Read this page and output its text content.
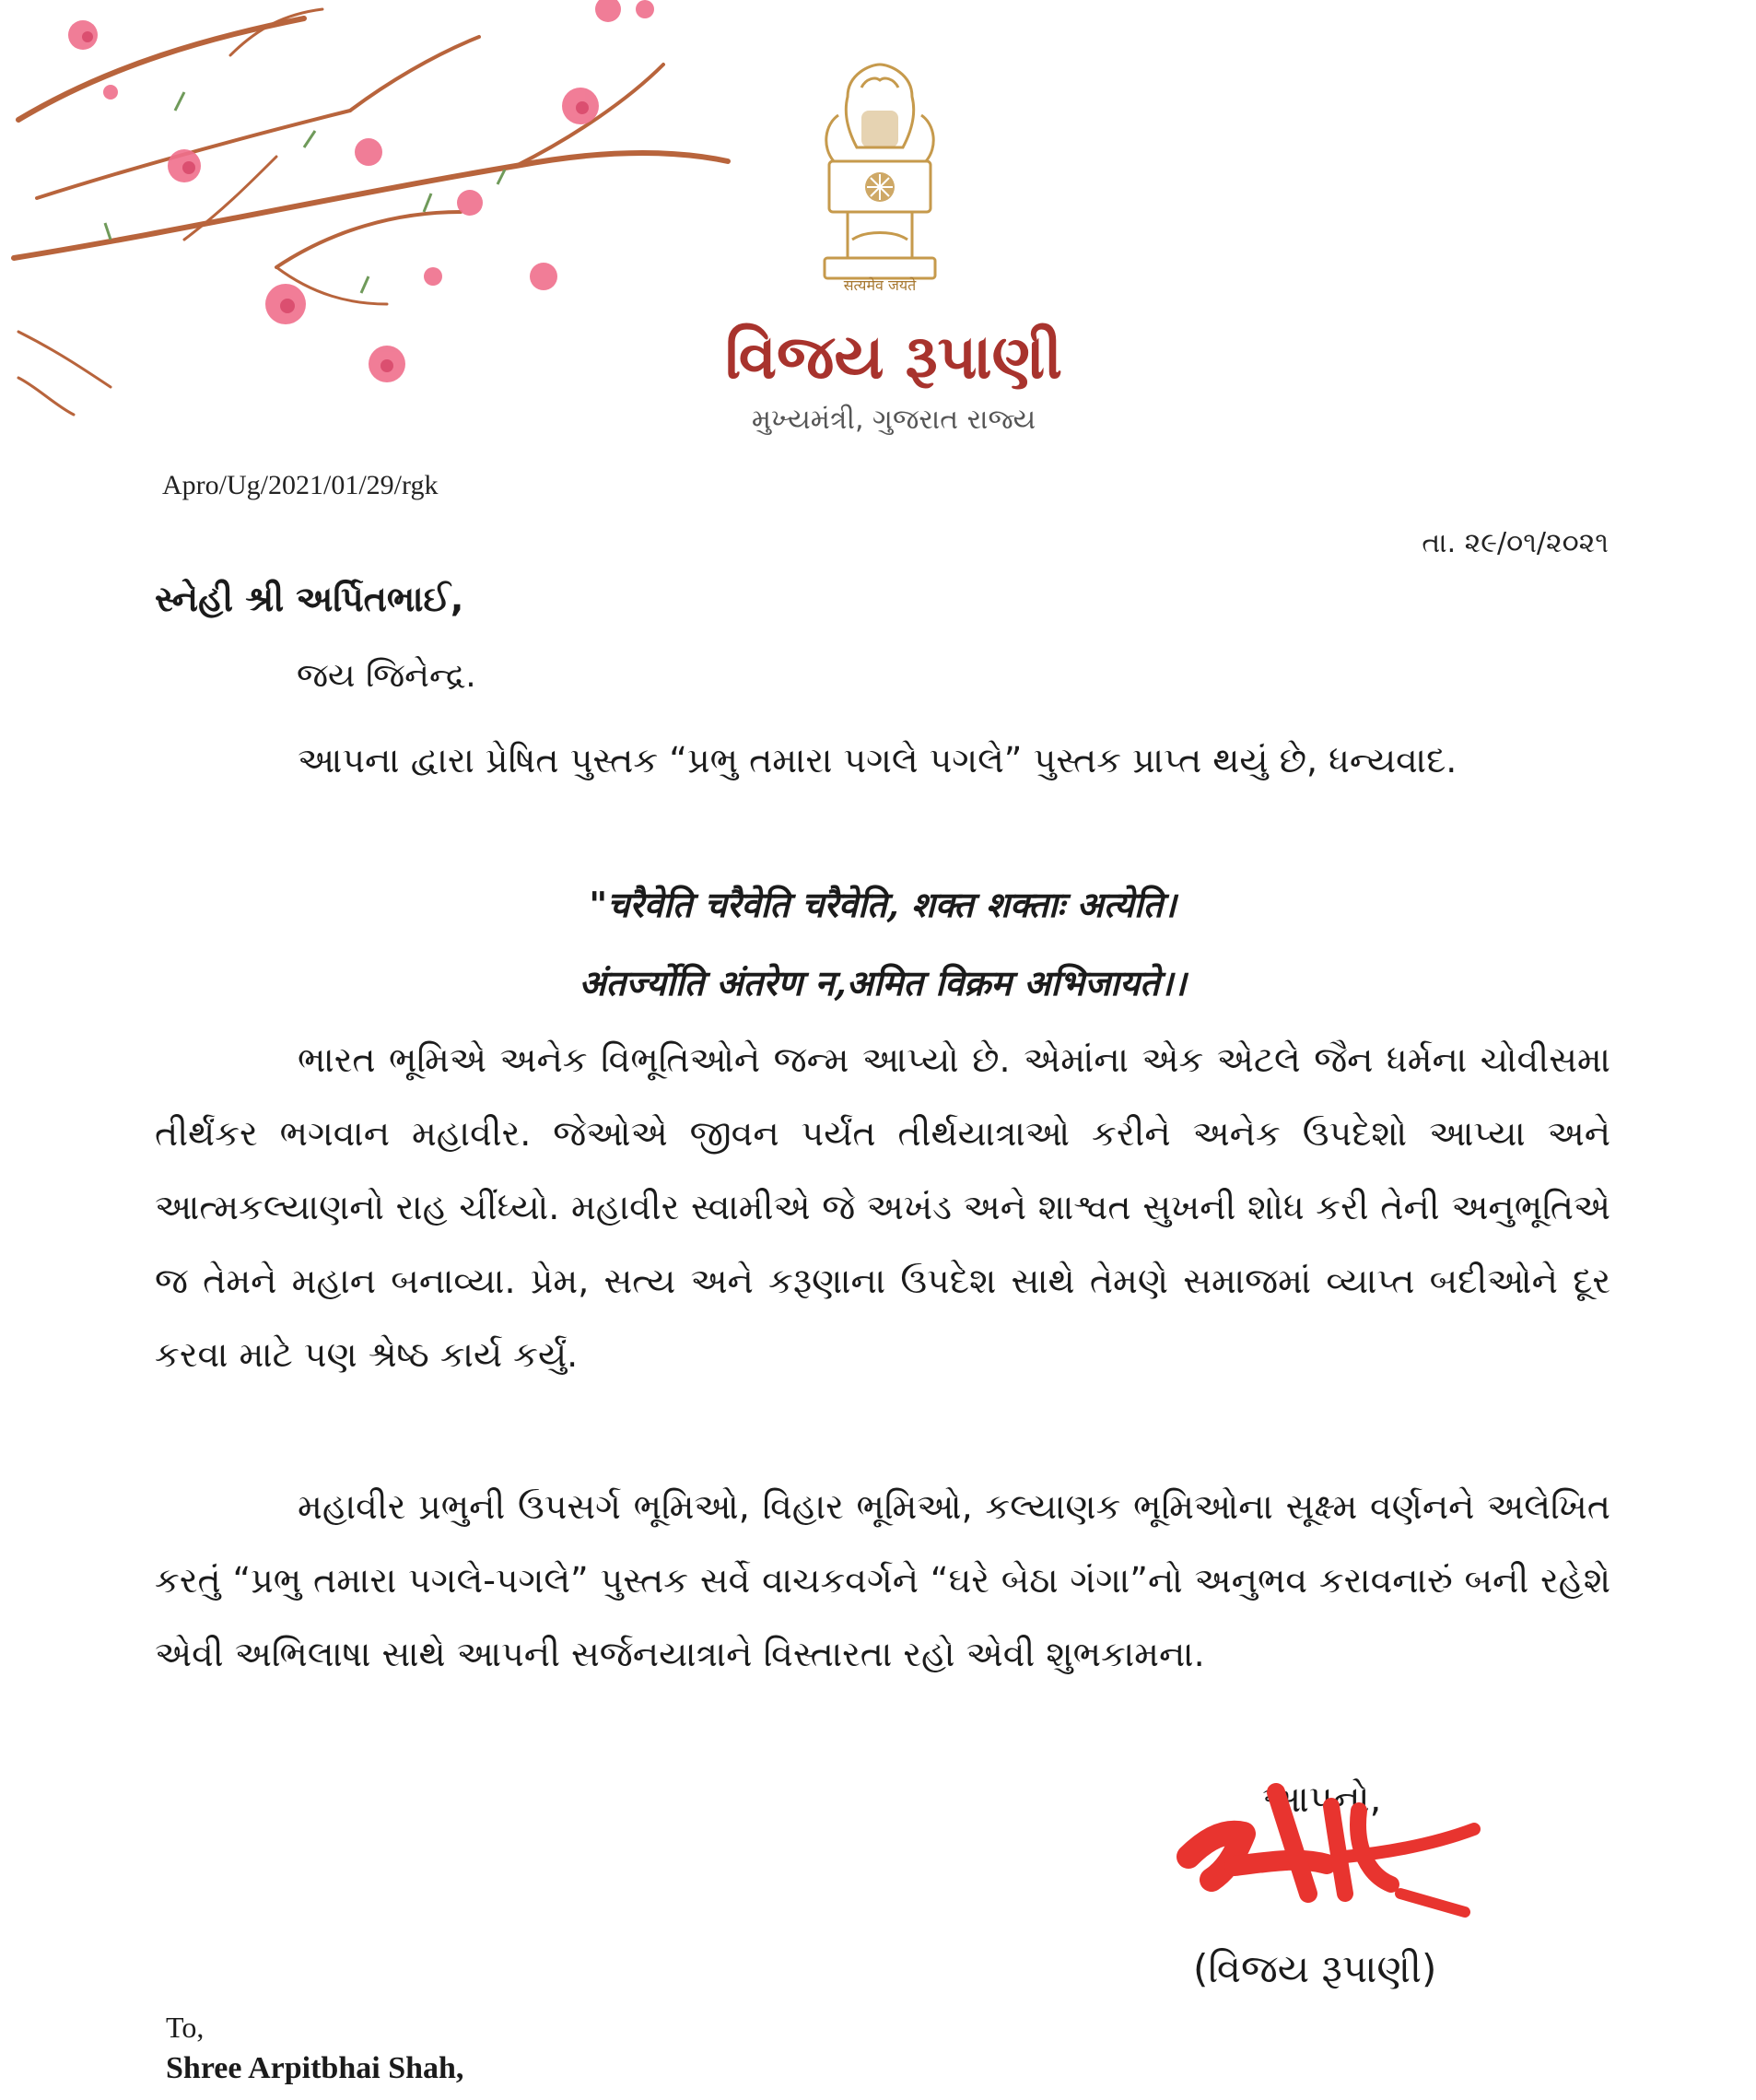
सत्यमेव जयते
વિજય રૂપાણી
મુખ્યમંત્રી, ગુજરાત રાજ્ય
Apro/Ug/2021/01/29/rgk
તા. ૨૯/૦૧/૨૦૨૧
સ્નેહી શ્રી અર્પિતભાઈ,
જય જિનેન્દ્ર.
આપના દ્વારા પ્રેષિત પુસ્તક “પ્રભુ તમારા પગલે પગલે” પુસ્તક પ્રાપ્ત થયું છે, ધન્યવાદ.
"चरैवेति चरैवेति चरैवेति, शक्त शक्ताः अत्येति।
अंतर्ज्योति अंतरेण न,अमित विक्रम अभिजायते।।
ભારત ભૂમિએ અનેક વિભૂતિઓને જન્મ આપ્યો છે. એમાંના એક એટલે જૈન ધર્મના ચોવીસમા તીર્થંકર ભગવાન મહાવીર. જેઓએ જીવન પર્યંત તીર્થયાત્રાઓ કરીને અનેક ઉપદેશો આપ્યા અને આત્મકલ્યાણનો રાહ ચીંધ્યો. મહાવીર સ્વામીએ જે અખંડ અને શાશ્વત સુખની શોધ કરી તેની અનુભૂતિએ જ તેમને મહાન બનાવ્યા. પ્રેમ, સત્ય અને કરૂણાના ઉપદેશ સાથે તેમણે સમાજમાં વ્યાપ્ત બદીઓને દૂર કરવા માટે પણ શ્રેષ્ઠ કાર્ય કર્યું.
મહાવીર પ્રભુની ઉપસર્ગ ભૂમિઓ, વિહાર ભૂમિઓ, કલ્યાણક ભૂમિઓના સૂક્ષ્મ વર્ણનને અલેખિત કરતું “પ્રભુ તમારા પગલે-પગલે” પુસ્તક સર્વે વાચકવર્ગને “ઘરે બેઠા ગંગા”નો અનુભવ કરાવનારું બની રહેશે એવી અભિલાષા સાથે આપની સર્જનયાત્રાને વિસ્તારતા રહો એવી શુભકામના.
આપનો,
(વિજય રૂપાણી)
To,
Shree Arpitbhai Shah,
